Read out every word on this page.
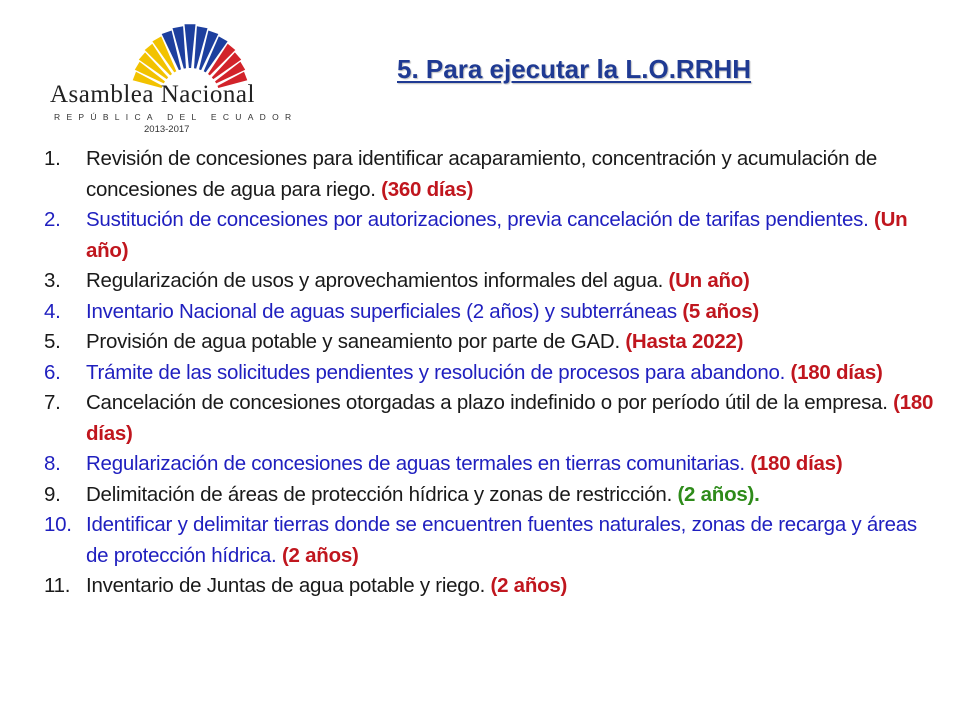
Asamblea Nacional
REPÚBLICA DEL ECUADOR
2013-2017
5. Para ejecutar la L.O.RRHH
1.	Revisión de concesiones para identificar acaparamiento, concentración y acumulación de concesiones de agua para riego. (360 días)
2.	Sustitución de concesiones por autorizaciones, previa cancelación de tarifas pendientes. (Un año)
3.	Regularización de usos y aprovechamientos informales del agua. (Un año)
4.	Inventario Nacional de aguas superficiales (2 años) y subterráneas (5 años)
5.	Provisión de agua potable y saneamiento por parte de GAD. (Hasta 2022)
6.	Trámite de las solicitudes pendientes y resolución de procesos para abandono. (180 días)
7.	Cancelación de concesiones otorgadas a plazo indefinido o por período útil de la empresa. (180 días)
8.	Regularización de concesiones de aguas termales en tierras comunitarias. (180 días)
9.	Delimitación de áreas de protección hídrica y zonas de restricción. (2 años).
10. Identificar y delimitar tierras donde se encuentren fuentes naturales, zonas de recarga y áreas de protección hídrica. (2 años)
11. Inventario de Juntas de agua potable y riego. (2 años)
